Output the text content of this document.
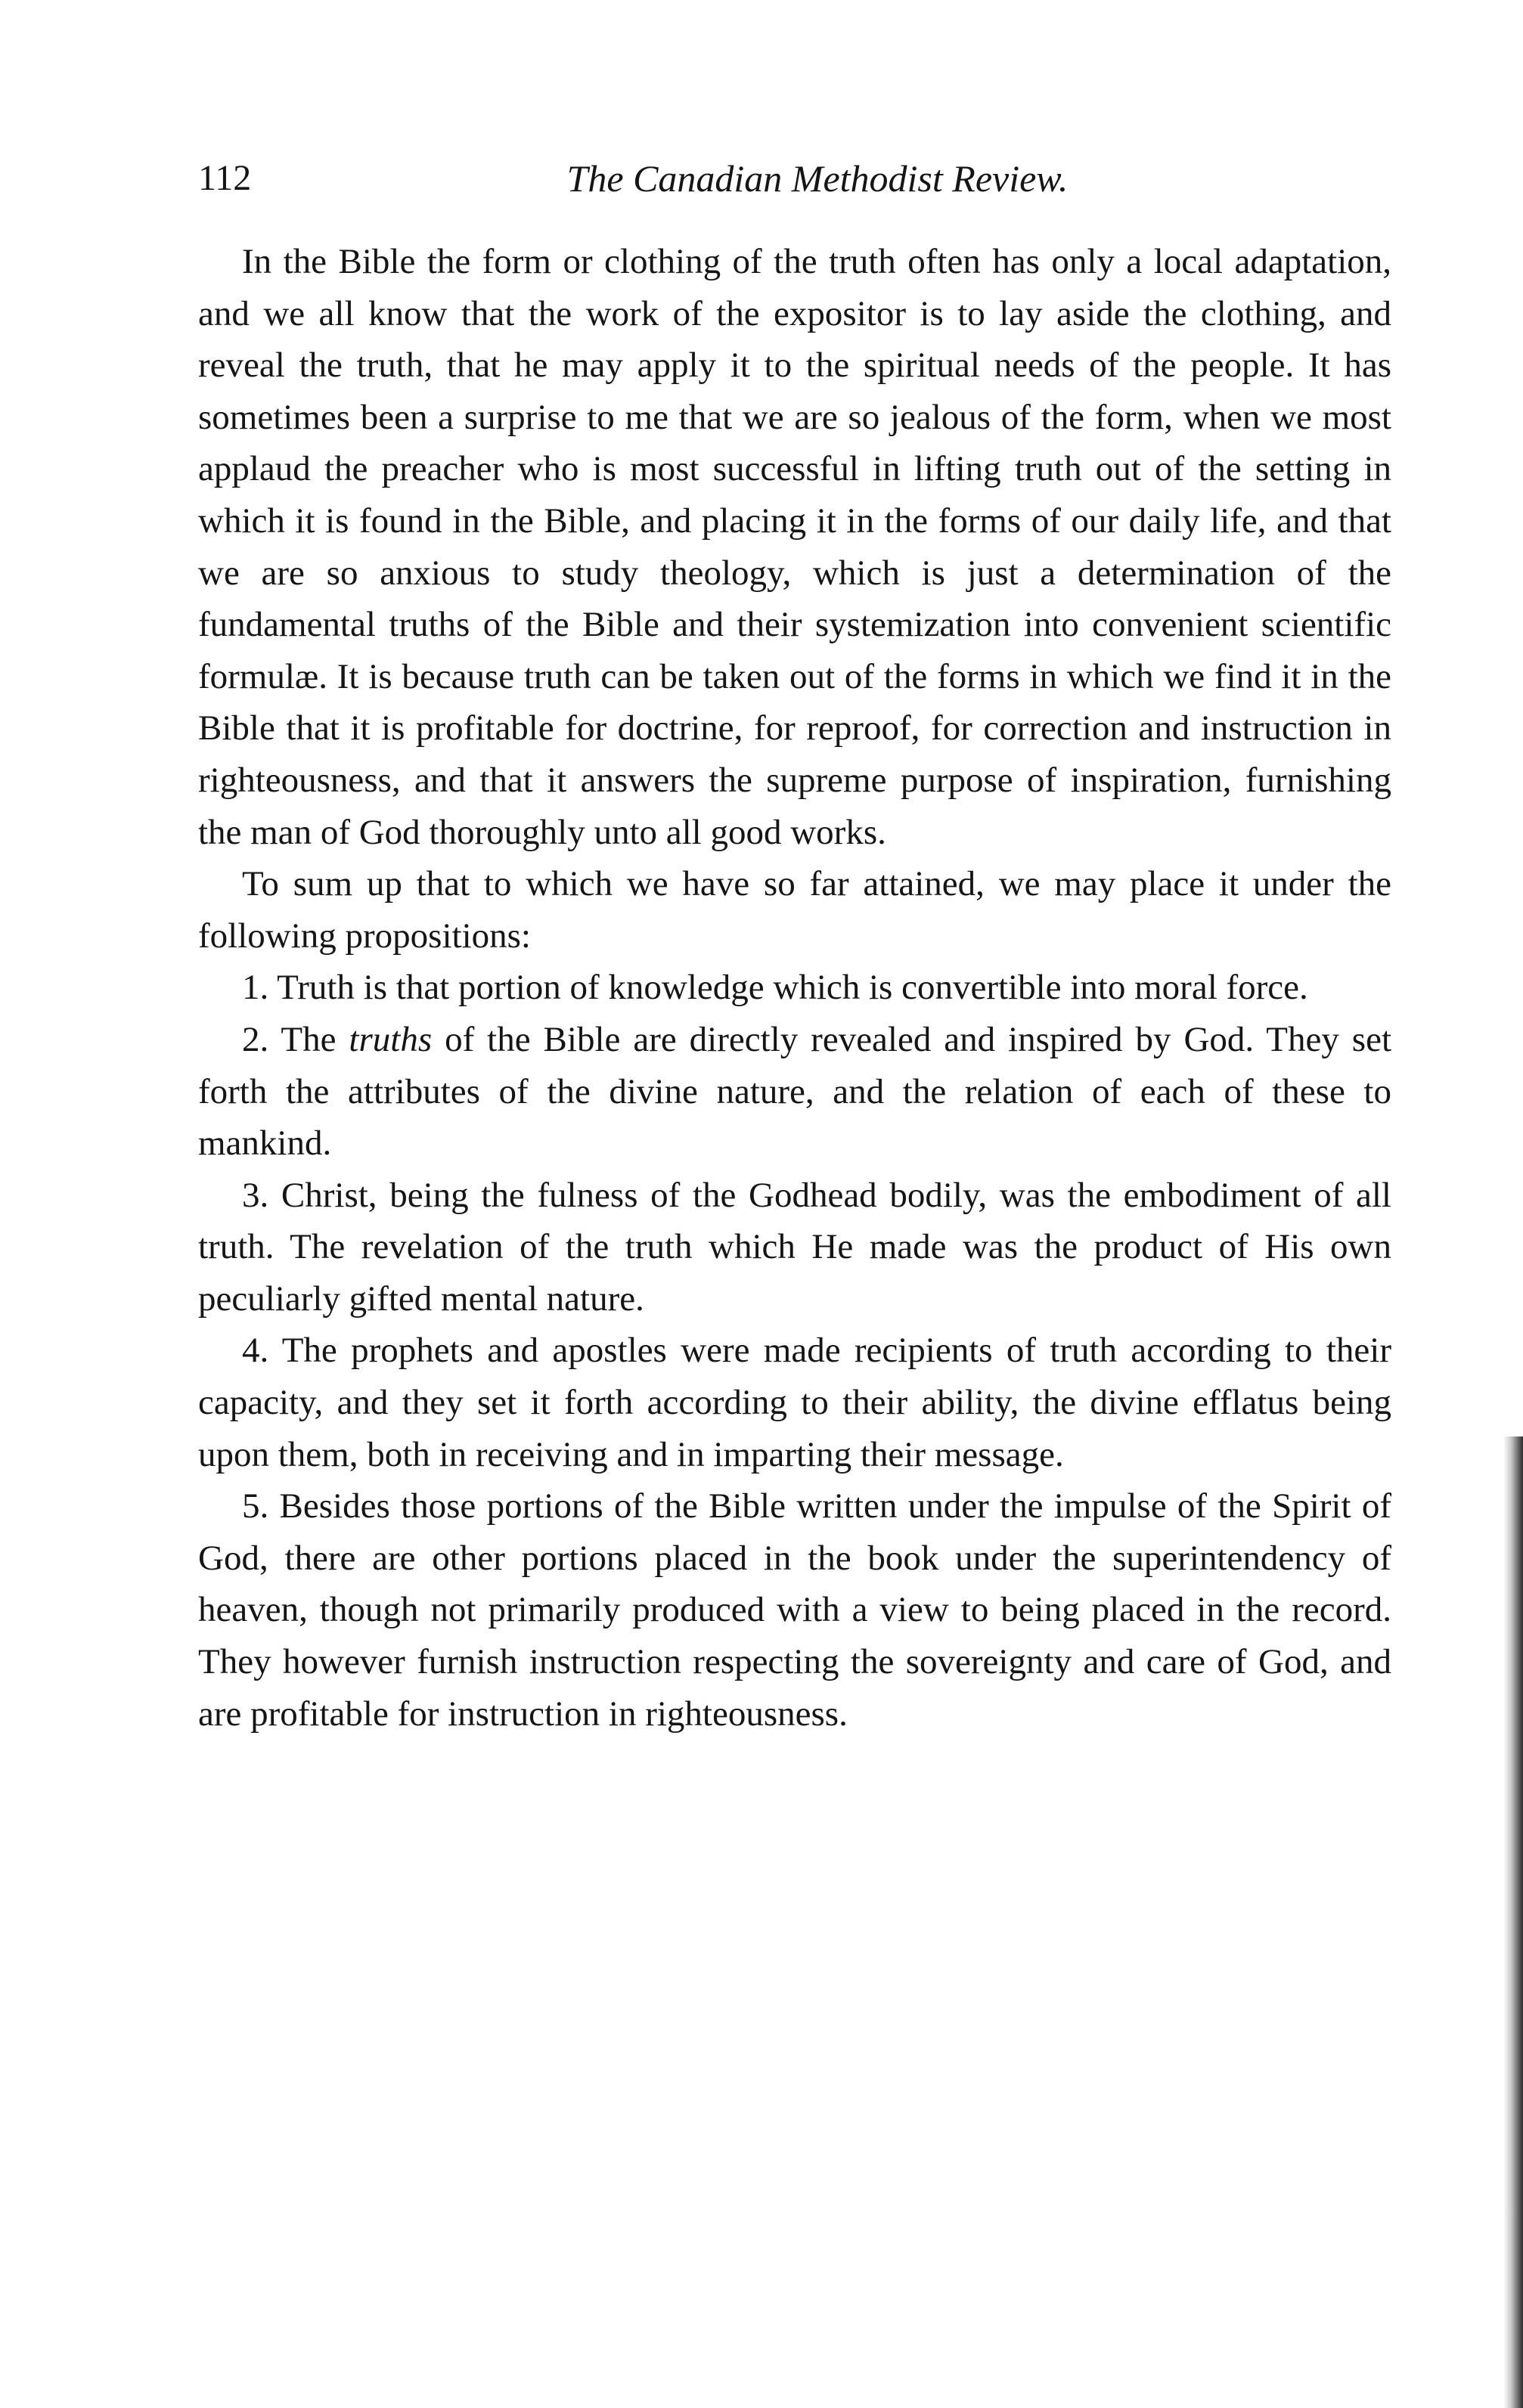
112	The Canadian Methodist Review.

In the Bible the form or clothing of the truth often has only a local adaptation, and we all know that the work of the expositor is to lay aside the clothing, and reveal the truth, that he may apply it to the spiritual needs of the people. It has sometimes been a surprise to me that we are so jealous of the form, when we most applaud the preacher who is most successful in lifting truth out of the setting in which it is found in the Bible, and placing it in the forms of our daily life, and that we are so anxious to study theology, which is just a determination of the fundamental truths of the Bible and their systemization into convenient scientific formulæ. It is because truth can be taken out of the forms in which we find it in the Bible that it is profitable for doctrine, for reproof, for correction and instruction in righteousness, and that it answers the supreme purpose of inspiration, furnishing the man of God thoroughly unto all good works.

To sum up that to which we have so far attained, we may place it under the following propositions:

1. Truth is that portion of knowledge which is convertible into moral force.

2. The truths of the Bible are directly revealed and inspired by God. They set forth the attributes of the divine nature, and the relation of each of these to mankind.

3. Christ, being the fulness of the Godhead bodily, was the embodiment of all truth. The revelation of the truth which He made was the product of His own peculiarly gifted mental nature.

4. The prophets and apostles were made recipients of truth according to their capacity, and they set it forth according to their ability, the divine efflatus being upon them, both in receiving and in imparting their message.

5. Besides those portions of the Bible written under the impulse of the Spirit of God, there are other portions placed in the book under the superintendency of heaven, though not primarily produced with a view to being placed in the record. They however furnish instruction respecting the sovereignty and care of God, and are profitable for instruction in righteousness.
